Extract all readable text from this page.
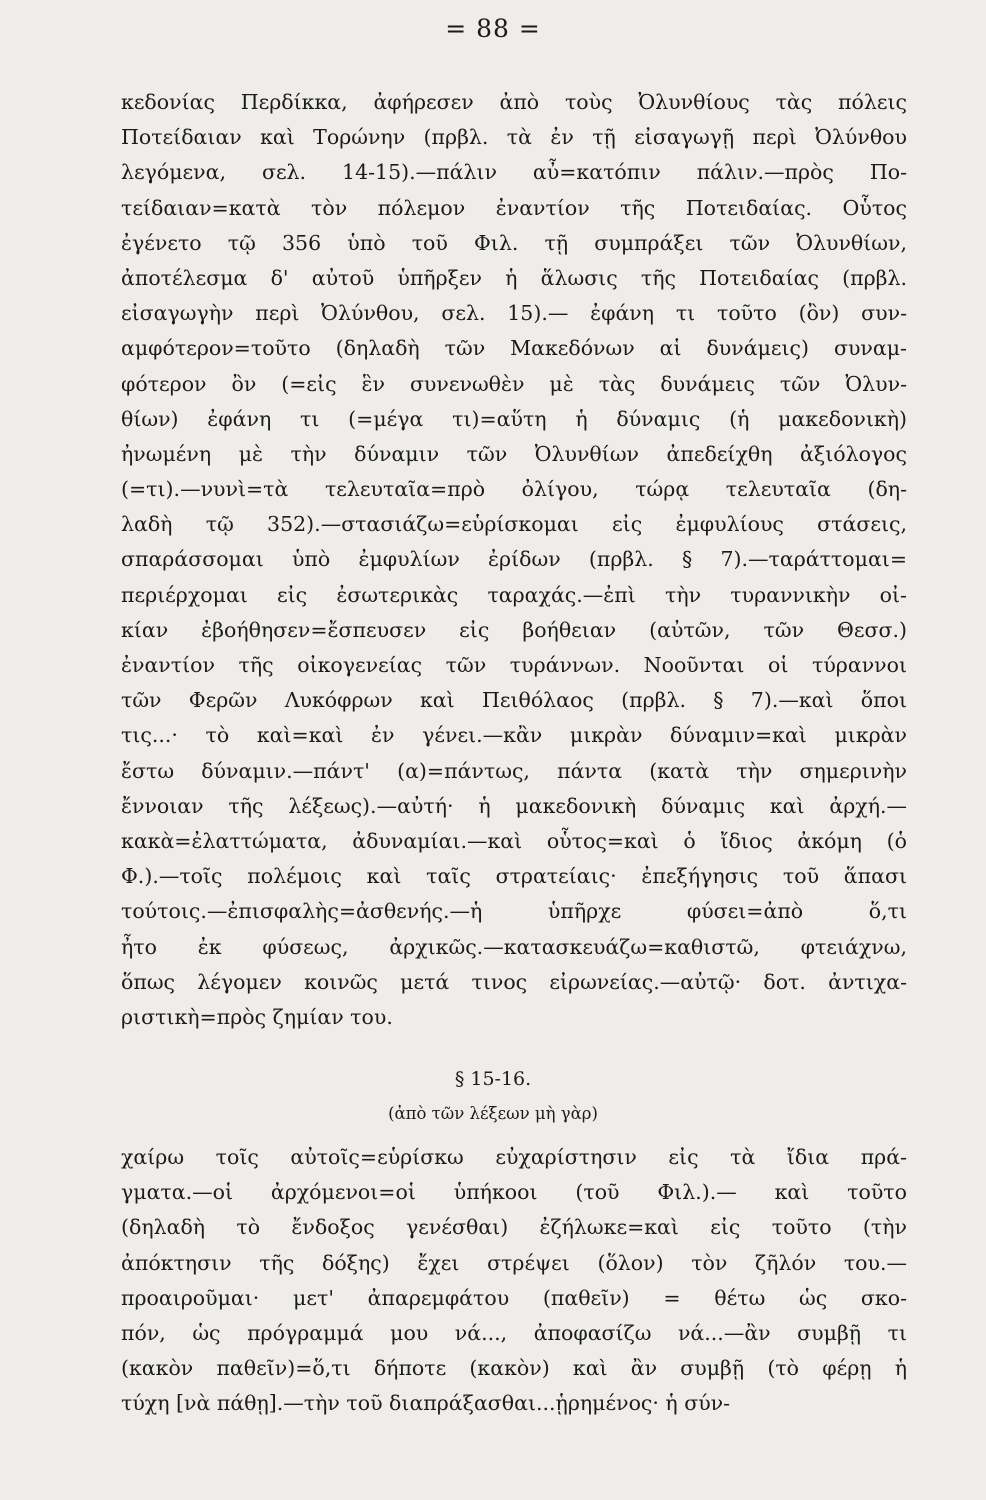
= 88 =
κεδονίας Περδίκκα, ἀφήρεσεν ἀπὸ τοὺς Ὀλυνθίους τὰς πόλεις
Ποτείδαιαν καὶ Τορώνην (πρβλ. τὰ ἐν τῇ εἰσαγωγῇ περὶ Ὀλύνθου
λεγόμενα, σελ. 14-15).—πάλιν αὖ=κατόπιν πάλιν.—πρὸς Πο-
τείδαιαν=κατὰ τὸν πόλεμον ἐναντίον τῆς Ποτειδαίας. Οὗτος
ἐγένετο τῷ 356 ὑπὸ τοῦ Φιλ. τῇ συμπράξει τῶν Ὀλυνθίων,
ἀποτέλεσμα δ' αὐτοῦ ὑπῆρξεν ἡ ἅλωσις τῆς Ποτειδαίας (πρβλ.
εἰσαγωγὴν περὶ Ὀλύνθου, σελ. 15).— ἐφάνη τι τοῦτο (ὂν) συν-
αμφότερον=τοῦτο (δηλαδὴ τῶν Μακεδόνων αἱ δυνάμεις) συναμ-
φότερον ὂν (=εἰς ἓν συνενωθὲν μὲ τὰς δυνάμεις τῶν Ὀλυν-
θίων) ἐφάνη τι (=μέγα τι)=αὕτη ἡ δύναμις (ἡ μακεδονικὴ)
ἠνωμένη μὲ τὴν δύναμιν τῶν Ὀλυνθίων ἀπεδείχθη ἀξιόλογος
(=τι).—νυνὶ=τὰ τελευταῖα=πρὸ ὀλίγου, τώρᾳ τελευταῖα (δη-
λαδὴ τῷ 352).—στασιάζω=εὑρίσκομαι εἰς ἐμφυλίους στάσεις,
σπαράσσομαι ὑπὸ ἐμφυλίων ἐρίδων (πρβλ. § 7).—ταράττομαι=
περιέρχομαι εἰς ἐσωτερικὰς ταραχάς.—ἐπὶ τὴν τυραννικὴν οἰ-
κίαν ἐβοήθησεν=ἔσπευσεν εἰς βοήθειαν (αὐτῶν, τῶν Θεσσ.)
ἐναντίον τῆς οἰκογενείας τῶν τυράννων. Νοοῦνται οἱ τύραννοι
τῶν Φερῶν Λυκόφρων καὶ Πειθόλαος (πρβλ. § 7).—καὶ ὅποι
τις...· τὸ καὶ=καὶ ἐν γένει.—κἂν μικρὰν δύναμιν=καὶ μικρὰν
ἔστω δύναμιν.—πάντ' (α)=πάντως, πάντα (κατὰ τὴν σημερινὴν
ἔννοιαν τῆς λέξεως).—αὐτή· ἡ μακεδονικὴ δύναμις καὶ ἀρχή.—
κακὰ=ἐλαττώματα, ἀδυναμίαι.—καὶ οὗτος=καὶ ὁ ἴδιος ἀκόμη (ὁ
Φ.).—τοῖς πολέμοις καὶ ταῖς στρατείαις· ἐπεξήγησις τοῦ ἅπασι
τούτοις.—ἐπισφαλὴς=ἀσθενής.—ἡ ὑπῆρχε φύσει=ἀπὸ ὅ,τι
ἦτο ἐκ φύσεως, ἀρχικῶς.—κατασκευάζω=καθιστῶ, φτειάχνω,
ὅπως λέγομεν κοινῶς μετά τινος εἰρωνείας.—αὐτῷ· δοτ. ἀντιχα-
ριστικὴ=πρὸς ζημίαν του.
§ 15-16.
(ἀπὸ τῶν λέξεων μὴ γὰρ)
χαίρω τοῖς αὐτοῖς=εὑρίσκω εὐχαρίστησιν εἰς τὰ ἴδια πρά-
γματα.—οἱ ἀρχόμενοι=οἱ ὑπήκοοι (τοῦ Φιλ.).— καὶ τοῦτο
(δηλαδὴ τὸ ἔνδοξος γενέσθαι) ἐζήλωκε=καὶ εἰς τοῦτο (τὴν
ἀπόκτησιν τῆς δόξης) ἔχει στρέψει (ὅλον) τὸν ζῆλόν του.—
προαιροῦμαι· μετ' ἀπαρεμφάτου (παθεῖν) = θέτω ὡς σκο-
πόν, ὡς πρόγραμμά μου νά..., ἀποφασίζω νά...—ἂν συμβῇ τι
(κακὸν παθεῖν)=ὅ,τι δήποτε (κακὸν) καὶ ἂν συμβῇ (τὸ φέρῃ ἡ
τύχη [νὰ πάθῃ].—τὴν τοῦ διαπράξασθαι...ᾑρημένος· ἡ σύν-
